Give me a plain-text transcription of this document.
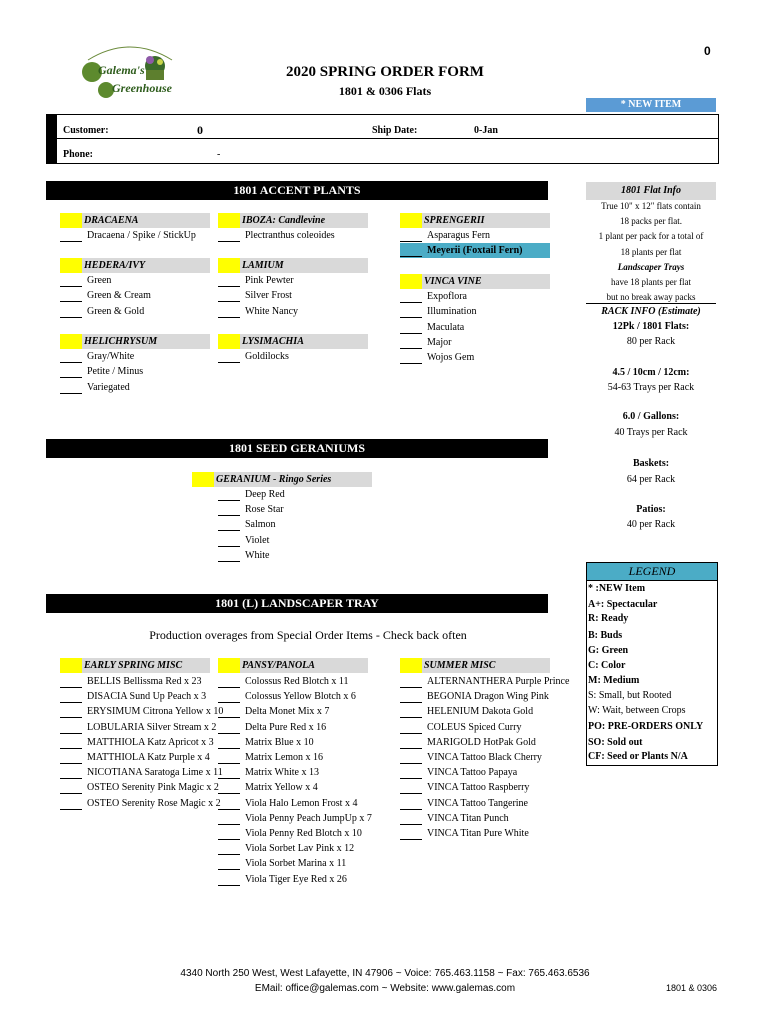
0
Galema's
Greenhouse
2020 SPRING ORDER FORM
1801 & 0306 Flats
* NEW ITEM
Customer:	0	Ship Date:	0-Jan
Phone:	-
1801 ACCENT PLANTS
1801 SEED GERANIUMS
1801 (L) LANDSCAPER TRAY
Production overages from Special Order Items - Check back often
1801 Flat Info
LEGEND
4340 North 250 West, West Lafayette, IN 47906 ~ Voice: 765.463.1158 ~ Fax: 765.463.6536
EMail: office@galemas.com ~ Website: www.galemas.com	1801 & 0306
DRACAENA
Dracaena / Spike / StickUp
HEDERA/IVY
Green
Green & Cream
Green & Gold
HELICHRYSUM
Gray/White
Petite / Minus
Variegated
IBOZA: Candlevine
Plectranthus coleoides
LAMIUM
Pink Pewter
Silver Frost
White Nancy
LYSIMACHIA
Goldilocks
SPRENGERII
Asparagus Fern
Meyerii (Foxtail Fern)
VINCA VINE
Expoflora
Illumination
Maculata
Major
Wojos Gem
GERANIUM - Ringo Series
Deep Red
Rose Star
Salmon
Violet
White
EARLY SPRING MISC
BELLIS Bellissma Red x 23
DISACIA Sund Up Peach x 3
ERYSIMUM Citrona Yellow x 10
LOBULARIA Silver Stream x 2
MATTHIOLA Katz Apricot x 3
MATTHIOLA Katz Purple x 4
NICOTIANA Saratoga Lime x 11
OSTEO Serenity Pink Magic x 2
OSTEO Serenity Rose Magic x 2
PANSY/PANOLA
Colossus Red Blotch x 11
Colossus Yellow Blotch x 6
Delta Monet Mix x 7
Delta Pure Red x 16
Matrix Blue x 10
Matrix Lemon x 16
Matrix White x 13
Matrix Yellow x 4
Viola Halo Lemon Frost x 4
Viola Penny Peach JumpUp x 7
Viola Penny Red Blotch x 10
Viola Sorbet Lav Pink x 12
Viola Sorbet Marina x 11
Viola Tiger Eye Red x 26
SUMMER MISC
ALTERNANTHERA Purple Prince
BEGONIA Dragon Wing Pink
HELENIUM Dakota Gold
COLEUS Spiced Curry
MARIGOLD HotPak Gold
VINCA Tattoo Black Cherry
VINCA Tattoo Papaya
VINCA Tattoo Raspberry
VINCA Tattoo Tangerine
VINCA Titan Punch
VINCA Titan Pure White
True 10" x 12" flats contain
18 packs per flat.
1 plant per pack for a total of
18 plants per flat
Landscaper Trays
have 18 plants per flat
but no break away packs
RACK INFO (Estimate)
12Pk / 1801 Flats:
80 per Rack
4.5 / 10cm / 12cm:
54-63 Trays per Rack
6.0 / Gallons:
40 Trays per Rack
Baskets:
64 per Rack
Patios:
40 per Rack
* :NEW Item
A+: Spectacular
R: Ready
B: Buds
G: Green
C: Color
M: Medium
S: Small, but Rooted
W: Wait, between Crops
PO: PRE-ORDERS ONLY
SO: Sold out
CF: Seed or Plants N/A
